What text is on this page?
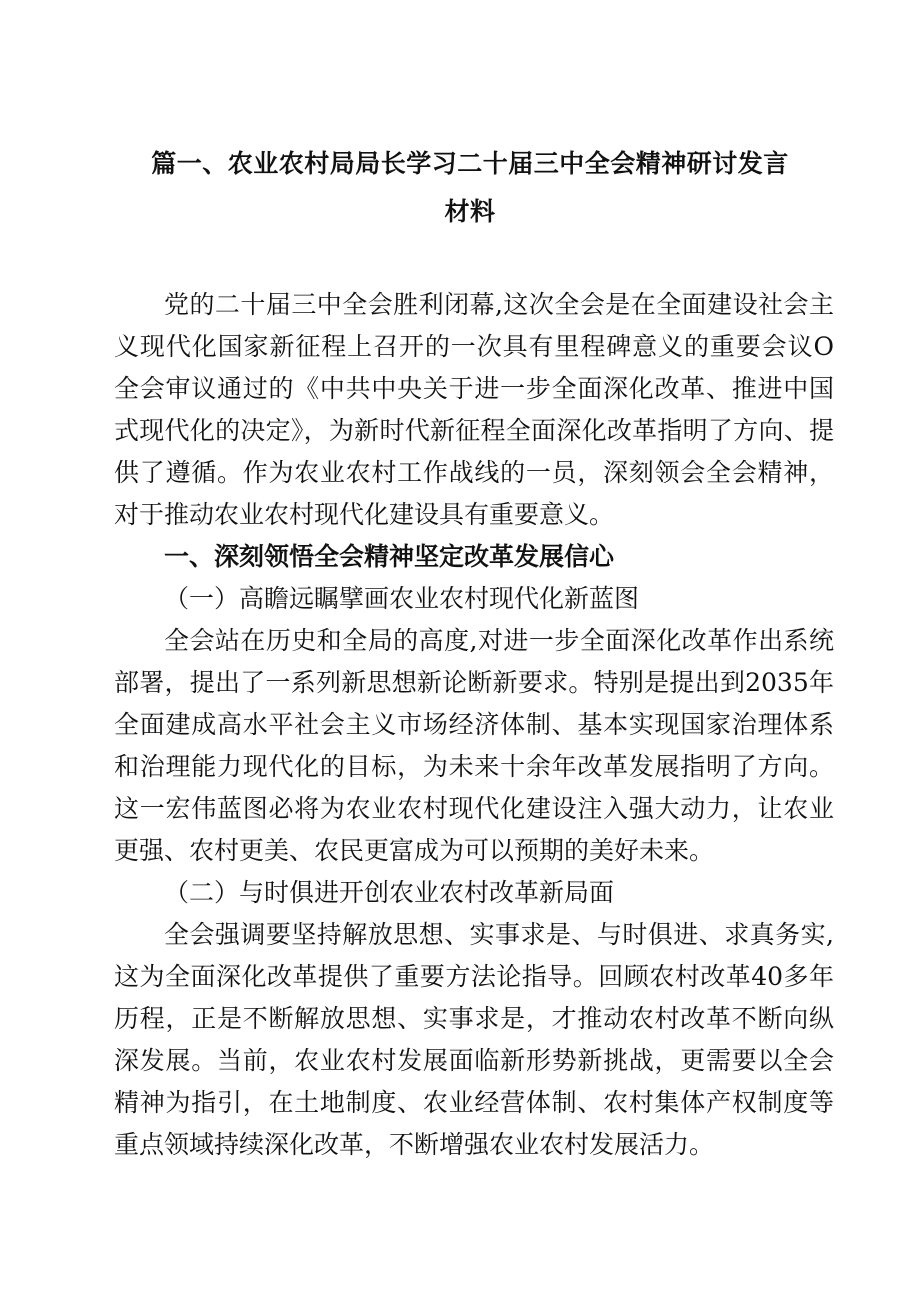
篇一、农业农村局局长学习二十届三中全会精神研讨发言
材料

党的二十届三中全会胜利闭幕,这次全会是在全面建设社会主义现代化国家新征程上召开的一次具有里程碑意义的重要会议O全会审议通过的《中共中央关于进一步全面深化改革、推进中国式现代化的决定》，为新时代新征程全面深化改革指明了方向、提供了遵循。作为农业农村工作战线的一员，深刻领会全会精神，对于推动农业农村现代化建设具有重要意义。

一、深刻领悟全会精神坚定改革发展信心

（一）高瞻远瞩擘画农业农村现代化新蓝图

全会站在历史和全局的高度,对进一步全面深化改革作出系统部署，提出了一系列新思想新论断新要求。特别是提出到2035年全面建成高水平社会主义市场经济体制、基本实现国家治理体系和治理能力现代化的目标，为未来十余年改革发展指明了方向。这一宏伟蓝图必将为农业农村现代化建设注入强大动力，让农业更强、农村更美、农民更富成为可以预期的美好未来。

（二）与时俱进开创农业农村改革新局面

全会强调要坚持解放思想、实事求是、与时俱进、求真务实,这为全面深化改革提供了重要方法论指导。回顾农村改革40多年历程，正是不断解放思想、实事求是，才推动农村改革不断向纵深发展。当前，农业农村发展面临新形势新挑战，更需要以全会精神为指引，在土地制度、农业经营体制、农村集体产权制度等重点领域持续深化改革，不断增强农业农村发展活力。
